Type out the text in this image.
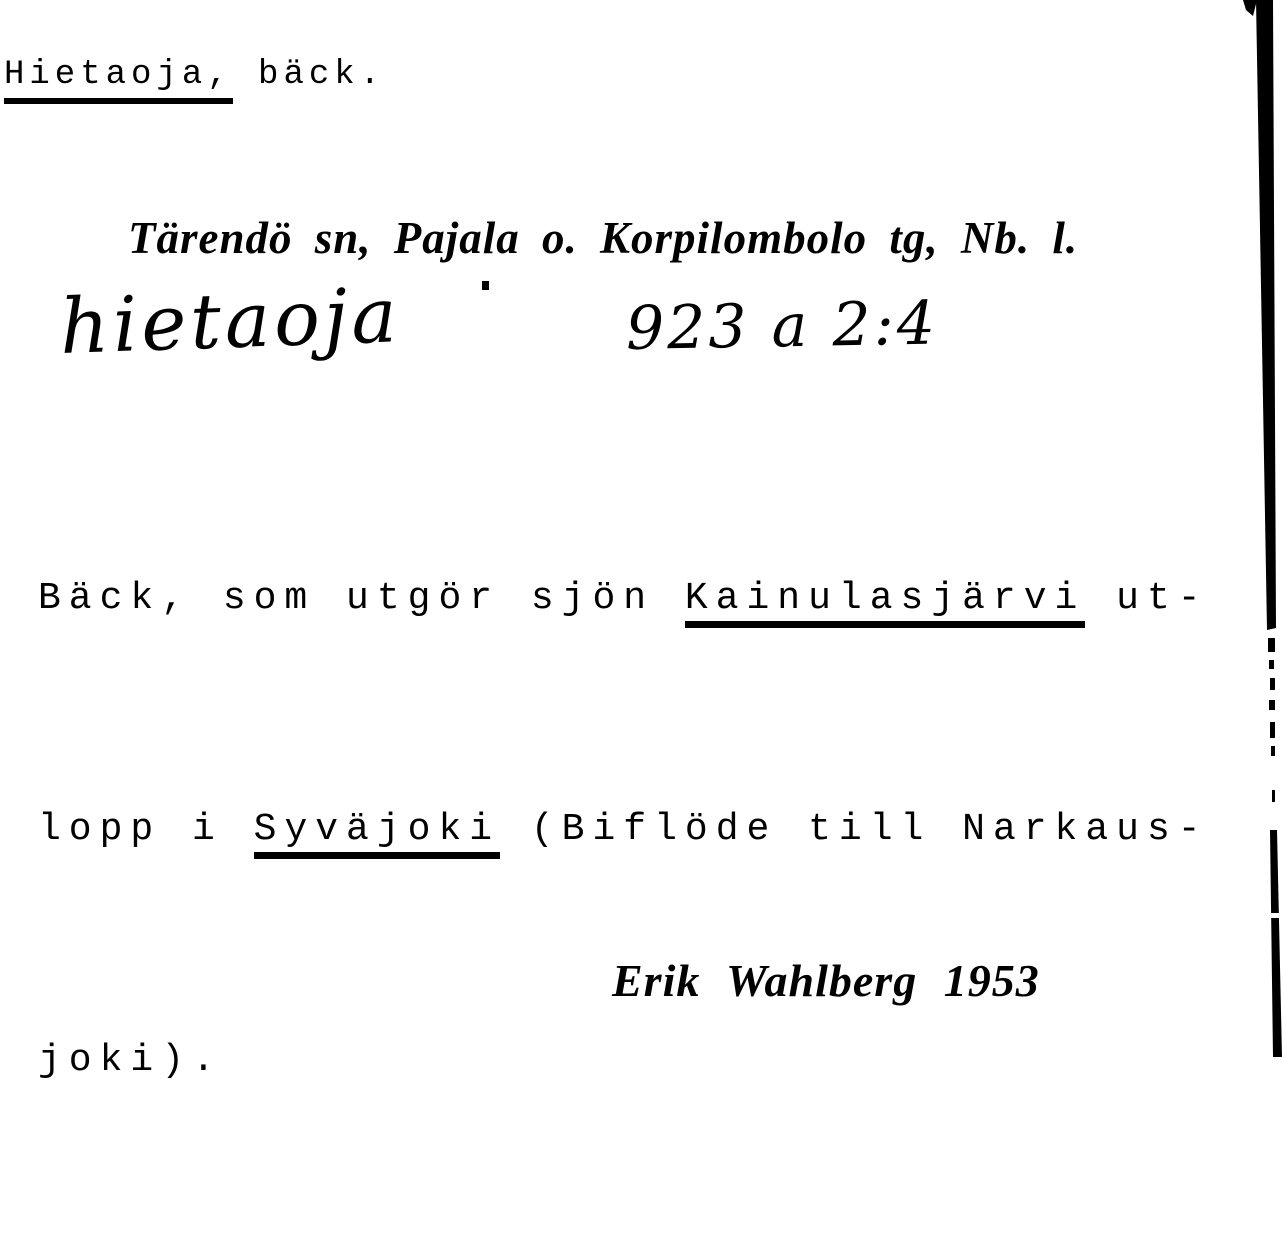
Hietaoja, bäck.
Tärendö sn, Pajala o. Korpilombolo tg, Nb. l.
hietaoja	923 a 2:4

Bäck, som utgör sjön Kainulasjärvi ut-

lopp i Syväjoki (Biflöde till Narkaus-

joki).

Erik Wahlberg 1953
